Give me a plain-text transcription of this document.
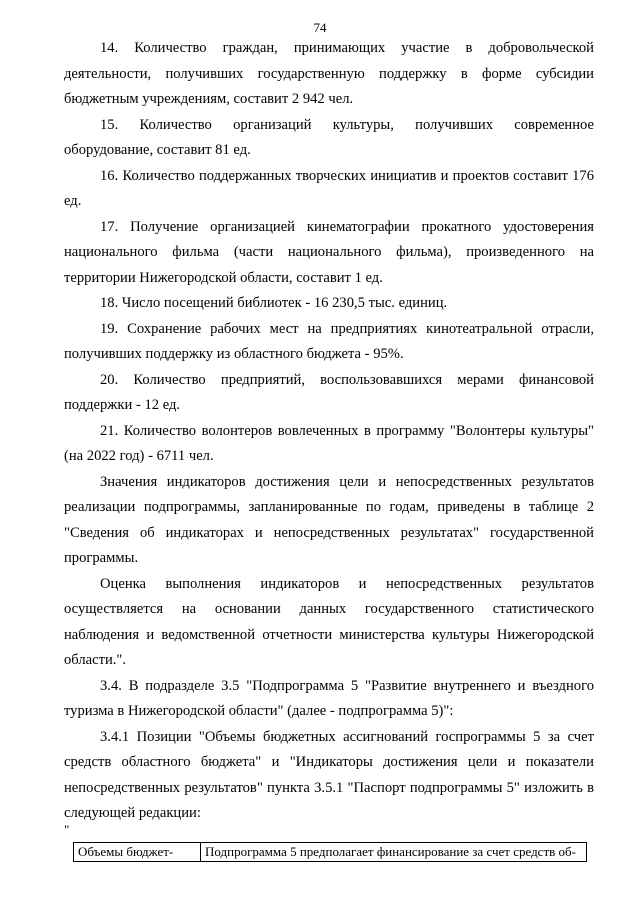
74

14. Количество граждан, принимающих участие в добровольческой деятельности, получивших государственную поддержку в форме субсидии бюджетным учреждениям, составит 2 942 чел.

15. Количество организаций культуры, получивших современное оборудование, составит 81 ед.

16. Количество поддержанных творческих инициатив и проектов составит 176 ед.

17. Получение организацией кинематографии прокатного удостоверения национального фильма (части национального фильма), произведенного на территории Нижегородской области, составит 1 ед.

18. Число посещений библиотек - 16 230,5 тыс. единиц.

19. Сохранение рабочих мест на предприятиях кинотеатральной отрасли, получивших поддержку из областного бюджета - 95%.

20. Количество предприятий, воспользовавшихся мерами финансовой поддержки - 12 ед.

21. Количество волонтеров вовлеченных в программу "Волонтеры культуры" (на 2022 год) - 6711 чел.

Значения индикаторов достижения цели и непосредственных результатов реализации подпрограммы, запланированные по годам, приведены в таблице 2 "Сведения об индикаторах и непосредственных результатах" государственной программы.

Оценка выполнения индикаторов и непосредственных результатов осуществляется на основании данных государственного статистического наблюдения и ведомственной отчетности министерства культуры Нижегородской области.".

3.4. В подразделе 3.5 "Подпрограмма 5 "Развитие внутреннего и въездного туризма в Нижегородской области" (далее - подпрограмма 5)":

3.4.1 Позиции "Объемы бюджетных ассигнований госпрограммы 5 за счет средств областного бюджета" и "Индикаторы достижения цели и показатели непосредственных результатов" пункта 3.5.1 "Паспорт подпрограммы 5" изложить в следующей редакции:

"
Объемы бюджет-	Подпрограмма 5 предполагает финансирование за счет средств об-
